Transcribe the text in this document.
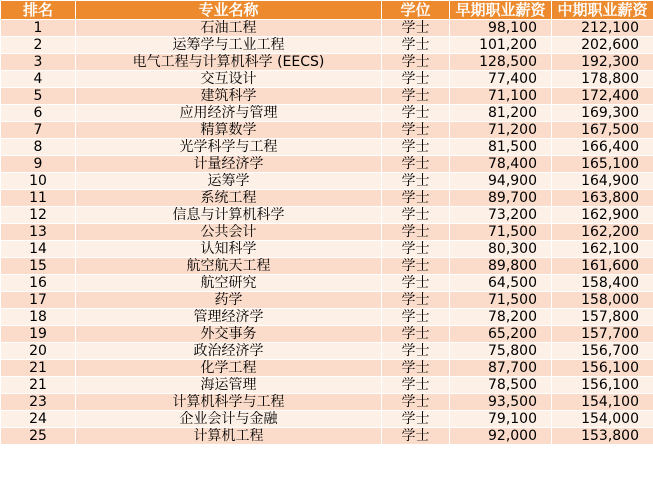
排名	专业名称	学位	早期职业薪资	中期职业薪资
1	石油工程	学士	98,100	212,100
2	运筹学与工业工程	学士	101,200	202,600
3	电气工程与计算机科学 (EECS)	学士	128,500	192,300
4	交互设计	学士	77,400	178,800
5	建筑科学	学士	71,100	172,400
6	应用经济与管理	学士	81,200	169,300
7	精算数学	学士	71,200	167,500
8	光学科学与工程	学士	81,500	166,400
9	计量经济学	学士	78,400	165,100
10	运筹学	学士	94,900	164,900
11	系统工程	学士	89,700	163,800
12	信息与计算机科学	学士	73,200	162,900
13	公共会计	学士	71,500	162,200
14	认知科学	学士	80,300	162,100
15	航空航天工程	学士	89,800	161,600
16	航空研究	学士	64,500	158,400
17	药学	学士	71,500	158,000
18	管理经济学	学士	78,200	157,800
19	外交事务	学士	65,200	157,700
20	政治经济学	学士	75,800	156,700
21	化学工程	学士	87,700	156,100
21	海运管理	学士	78,500	156,100
23	计算机科学与工程	学士	93,500	154,100
24	企业会计与金融	学士	79,100	154,000
25	计算机工程	学士	92,000	153,800
